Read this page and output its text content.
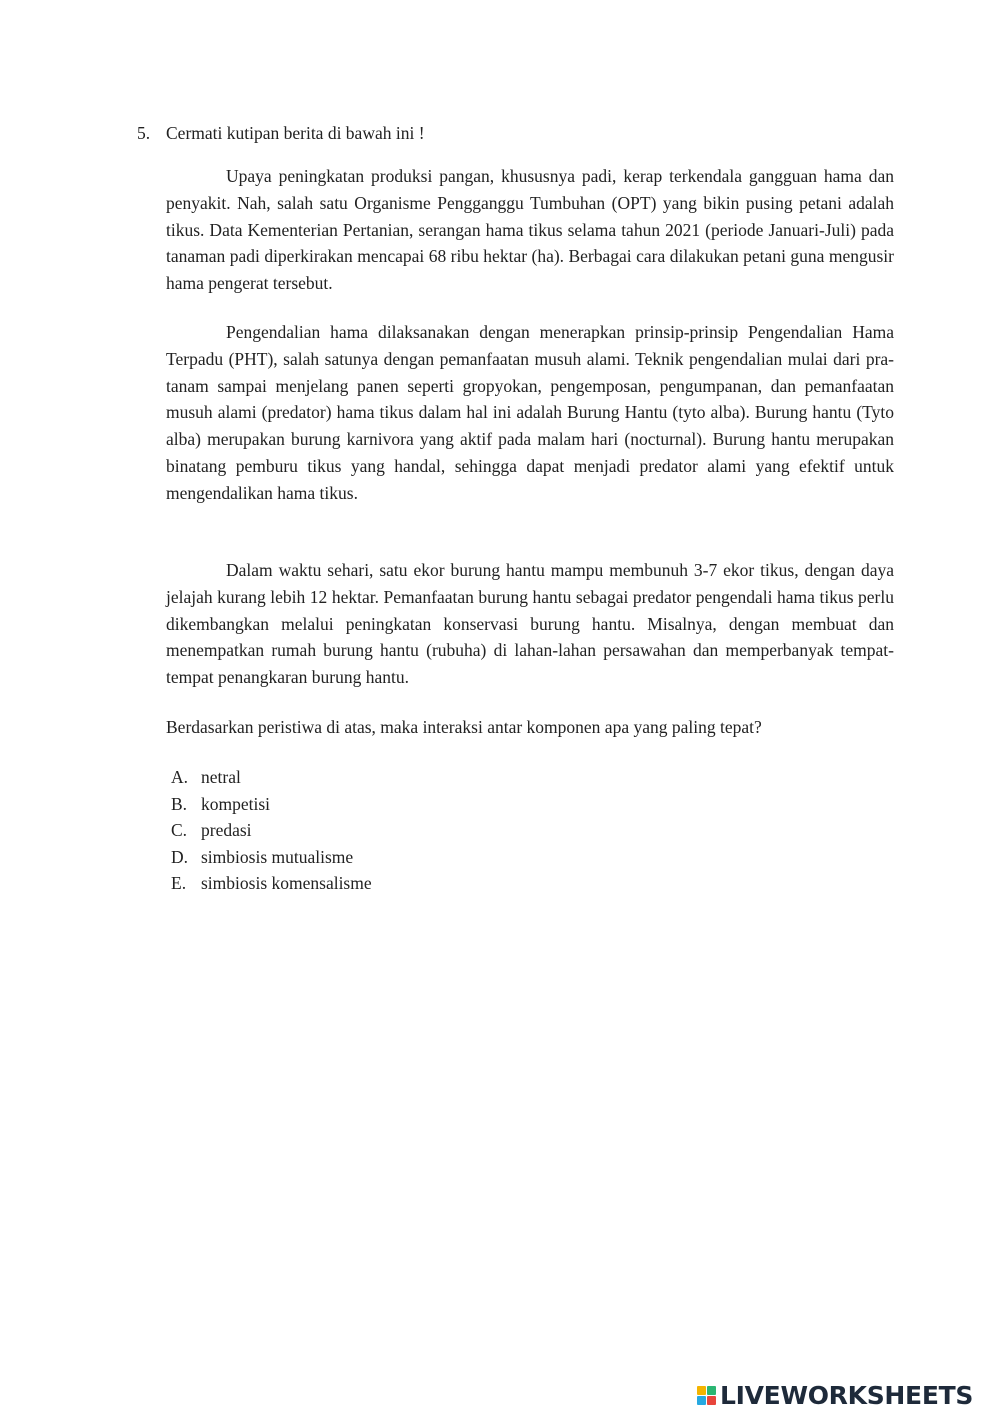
5. Cermati kutipan berita di bawah ini !

Upaya peningkatan produksi pangan, khususnya padi, kerap terkendala gangguan hama dan penyakit. Nah, salah satu Organisme Pengganggu Tumbuhan (OPT) yang bikin pusing petani adalah tikus. Data Kementerian Pertanian, serangan hama tikus selama tahun 2021 (periode Januari-Juli) pada tanaman padi diperkirakan mencapai 68 ribu hektar (ha). Berbagai cara dilakukan petani guna mengusir hama pengerat tersebut.

Pengendalian hama dilaksanakan dengan menerapkan prinsip-prinsip Pengendalian Hama Terpadu (PHT), salah satunya dengan pemanfaatan musuh alami. Teknik pengendalian mulai dari pra-tanam sampai menjelang panen seperti gropyokan, pengemposan, pengumpanan, dan pemanfaatan musuh alami (predator) hama tikus dalam hal ini adalah Burung Hantu (tyto alba). Burung hantu (Tyto alba) merupakan burung karnivora yang aktif pada malam hari (nocturnal). Burung hantu merupakan binatang pemburu tikus yang handal, sehingga dapat menjadi predator alami yang efektif untuk mengendalikan hama tikus.

Dalam waktu sehari, satu ekor burung hantu mampu membunuh 3-7 ekor tikus, dengan daya jelajah kurang lebih 12 hektar. Pemanfaatan burung hantu sebagai predator pengendali hama tikus perlu dikembangkan melalui peningkatan konservasi burung hantu. Misalnya, dengan membuat dan menempatkan rumah burung hantu (rubuha) di lahan-lahan persawahan dan memperbanyak tempat-tempat penangkaran burung hantu.

Berdasarkan peristiwa di atas, maka interaksi antar komponen apa yang paling tepat?
A. netral
B. kompetisi
C. predasi
D. simbiosis mutualisme
E. simbiosis komensalisme
LIVEWORKSHEETS
